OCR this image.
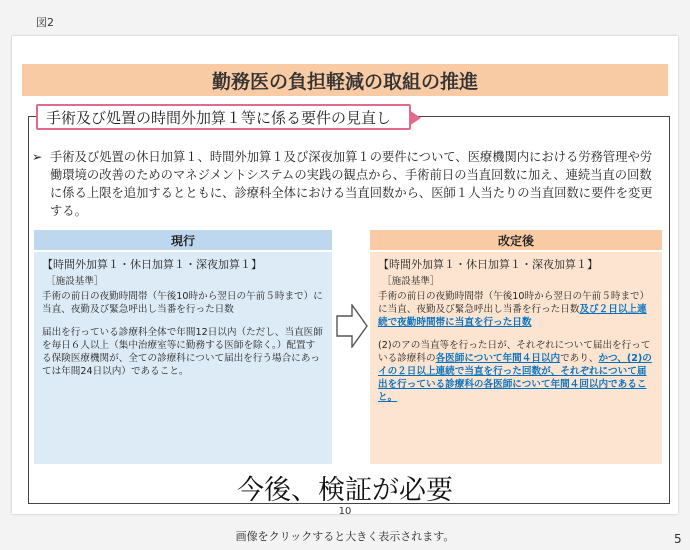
図2
勤務医の負担軽減の取組の推進
手術及び処置の時間外加算１等に係る要件の見直し
➢ 手術及び処置の休日加算１、時間外加算１及び深夜加算１の要件について、医療機関内における労務管理や労働環境の改善のためのマネジメントシステムの実践の観点から、手術前日の当直回数に加え、連続当直の回数に係る上限を追加するとともに、診療科全体における当直回数から、医師１人当たりの当直回数に要件を変更する。
現行
【時間外加算１・休日加算１・深夜加算１】
［施設基準］
手術の前日の夜勤時間帯（午後10時から翌日の午前５時まで）に当直、夜勤及び緊急呼出し当番を行った日数
届出を行っている診療科全体で年間12日以内（ただし、当直医師を毎日６人以上（集中治療室等に勤務する医師を除く。）配置する保険医療機関が、全ての診療科について届出を行う場合にあっては年間24日以内）であること。
改定後
【時間外加算１・休日加算１・深夜加算１】
［施設基準］
手術の前日の夜勤時間帯（午後10時から翌日の午前５時まで）に当直、夜勤及び緊急呼出し当番を行った日数及び２日以上連続で夜勤時間帯に当直を行った日数
(2)のアの当直等を行った日が、それぞれについて届出を行っている診療科の各医師について年間４日以内であり、かつ、(2)のイの２日以上連続で当直を行った回数が、それぞれについて届出を行っている診療科の各医師について年間４回以内であること。
今後、検証が必要
10
5
画像をクリックすると大きく表示されます。
